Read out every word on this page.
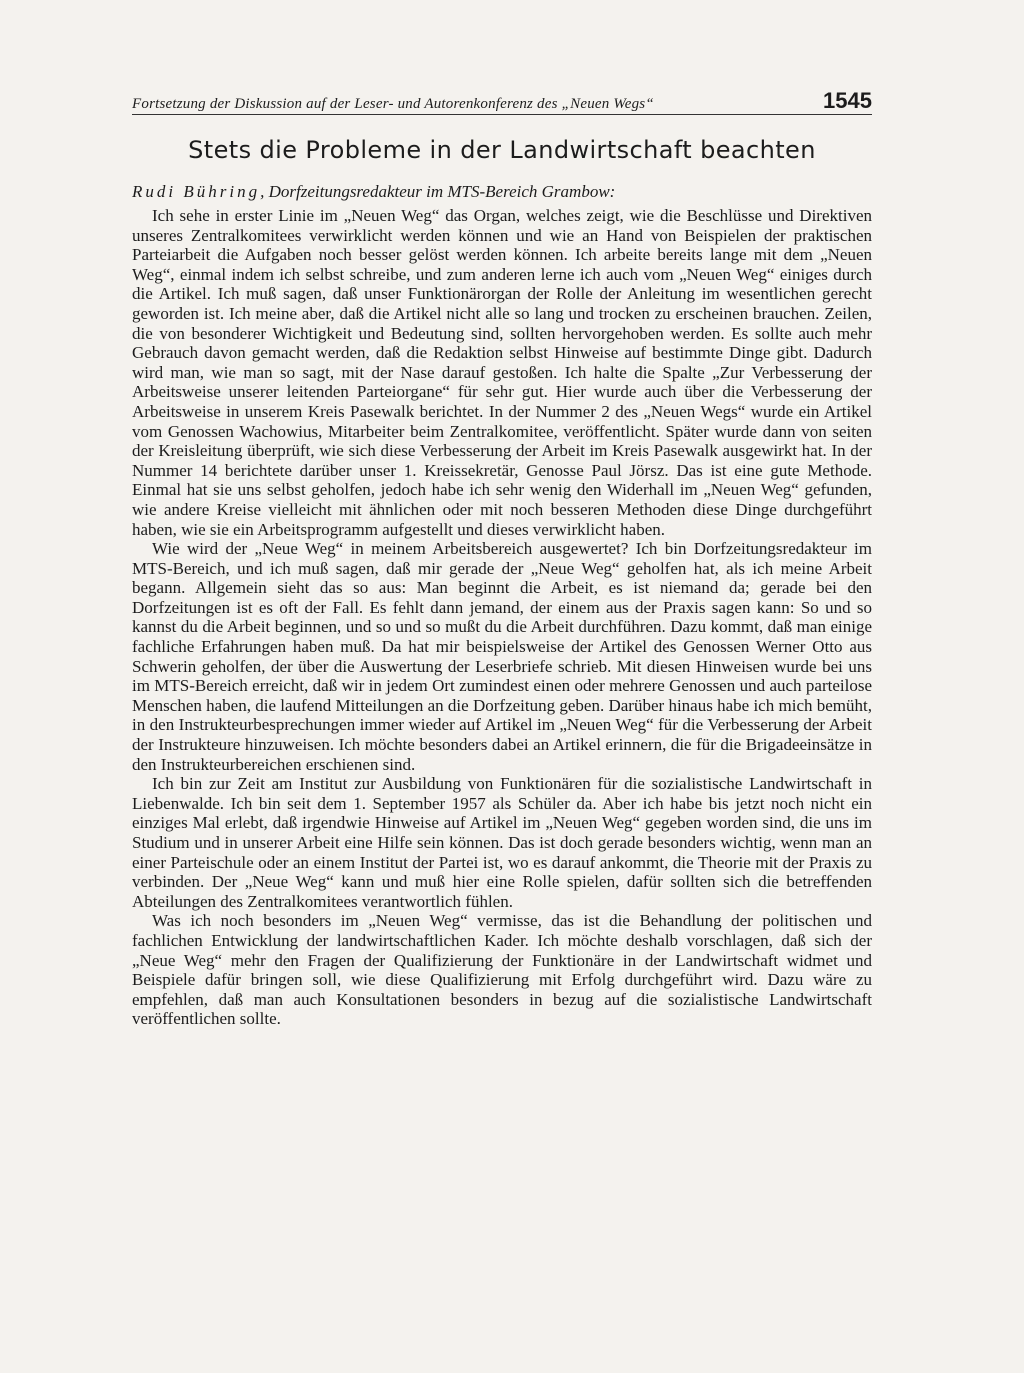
Fortsetzung der Diskussion auf der Leser- und Autorenkonferenz des „Neuen Wegs“	1545
Stets die Probleme in der Landwirtschaft beachten
Rudi Bühring, Dorfzeitungsredakteur im MTS-Bereich Grambow:

Ich sehe in erster Linie im „Neuen Weg“ das Organ, welches zeigt, wie die Beschlüsse und Direktiven unseres Zentralkomitees verwirklicht werden können und wie an Hand von Beispielen der praktischen Parteiarbeit die Aufgaben noch besser gelöst werden können. Ich arbeite bereits lange mit dem „Neuen Weg“, einmal indem ich selbst schreibe, und zum anderen lerne ich auch vom „Neuen Weg“ einiges durch die Artikel. Ich muß sagen, daß unser Funktionärorgan der Rolle der Anleitung im wesentlichen gerecht geworden ist. Ich meine aber, daß die Artikel nicht alle so lang und trocken zu erscheinen brauchen. Zeilen, die von besonderer Wichtigkeit und Bedeutung sind, sollten hervorgehoben werden. Es sollte auch mehr Gebrauch davon gemacht werden, daß die Redaktion selbst Hinweise auf bestimmte Dinge gibt. Dadurch wird man, wie man so sagt, mit der Nase darauf gestoßen. Ich halte die Spalte „Zur Verbesserung der Arbeitsweise unserer leitenden Parteiorgane“ für sehr gut. Hier wurde auch über die Verbesserung der Arbeitsweise in unserem Kreis Pasewalk berichtet. In der Nummer 2 des „Neuen Wegs“ wurde ein Artikel vom Genossen Wachowius, Mitarbeiter beim Zentralkomitee, veröffentlicht. Später wurde dann von seiten der Kreisleitung überprüft, wie sich diese Verbesserung der Arbeit im Kreis Pasewalk ausgewirkt hat. In der Nummer 14 berichtete darüber unser 1. Kreissekretär, Genosse Paul Jörsz. Das ist eine gute Methode. Einmal hat sie uns selbst geholfen, jedoch habe ich sehr wenig den Widerhall im „Neuen Weg“ gefunden, wie andere Kreise vielleicht mit ähnlichen oder mit noch besseren Methoden diese Dinge durchgeführt haben, wie sie ein Arbeitsprogramm aufgestellt und dieses verwirklicht haben.

Wie wird der „Neue Weg“ in meinem Arbeitsbereich ausgewertet? Ich bin Dorfzeitungsredakteur im MTS-Bereich, und ich muß sagen, daß mir gerade der „Neue Weg“ geholfen hat, als ich meine Arbeit begann. Allgemein sieht das so aus: Man beginnt die Arbeit, es ist niemand da; gerade bei den Dorfzeitungen ist es oft der Fall. Es fehlt dann jemand, der einem aus der Praxis sagen kann: So und so kannst du die Arbeit beginnen, und so und so mußt du die Arbeit durchführen. Dazu kommt, daß man einige fachliche Erfahrungen haben muß. Da hat mir beispielsweise der Artikel des Genossen Werner Otto aus Schwerin geholfen, der über die Auswertung der Leserbriefe schrieb. Mit diesen Hinweisen wurde bei uns im MTS-Bereich erreicht, daß wir in jedem Ort zumindest einen oder mehrere Genossen und auch parteilose Menschen haben, die laufend Mitteilungen an die Dorfzeitung geben. Darüber hinaus habe ich mich bemüht, in den Instrukteurbesprechungen immer wieder auf Artikel im „Neuen Weg“ für die Verbesserung der Arbeit der Instrukteure hinzuweisen. Ich möchte besonders dabei an Artikel erinnern, die für die Brigadeeinsätze in den Instrukteurbereichen erschienen sind.

Ich bin zur Zeit am Institut zur Ausbildung von Funktionären für die sozialistische Landwirtschaft in Liebenwalde. Ich bin seit dem 1. September 1957 als Schüler da. Aber ich habe bis jetzt noch nicht ein einziges Mal erlebt, daß irgendwie Hinweise auf Artikel im „Neuen Weg“ gegeben worden sind, die uns im Studium und in unserer Arbeit eine Hilfe sein können. Das ist doch gerade besonders wichtig, wenn man an einer Parteischule oder an einem Institut der Partei ist, wo es darauf ankommt, die Theorie mit der Praxis zu verbinden. Der „Neue Weg“ kann und muß hier eine Rolle spielen, dafür sollten sich die betreffenden Abteilungen des Zentralkomitees verantwortlich fühlen.

Was ich noch besonders im „Neuen Weg“ vermisse, das ist die Behandlung der politischen und fachlichen Entwicklung der landwirtschaftlichen Kader. Ich möchte deshalb vorschlagen, daß sich der „Neue Weg“ mehr den Fragen der Qualifizierung der Funktionäre in der Landwirtschaft widmet und Beispiele dafür bringen soll, wie diese Qualifizierung mit Erfolg durchgeführt wird. Dazu wäre zu empfehlen, daß man auch Konsultationen besonders in bezug auf die sozialistische Landwirtschaft veröffentlichen sollte.
